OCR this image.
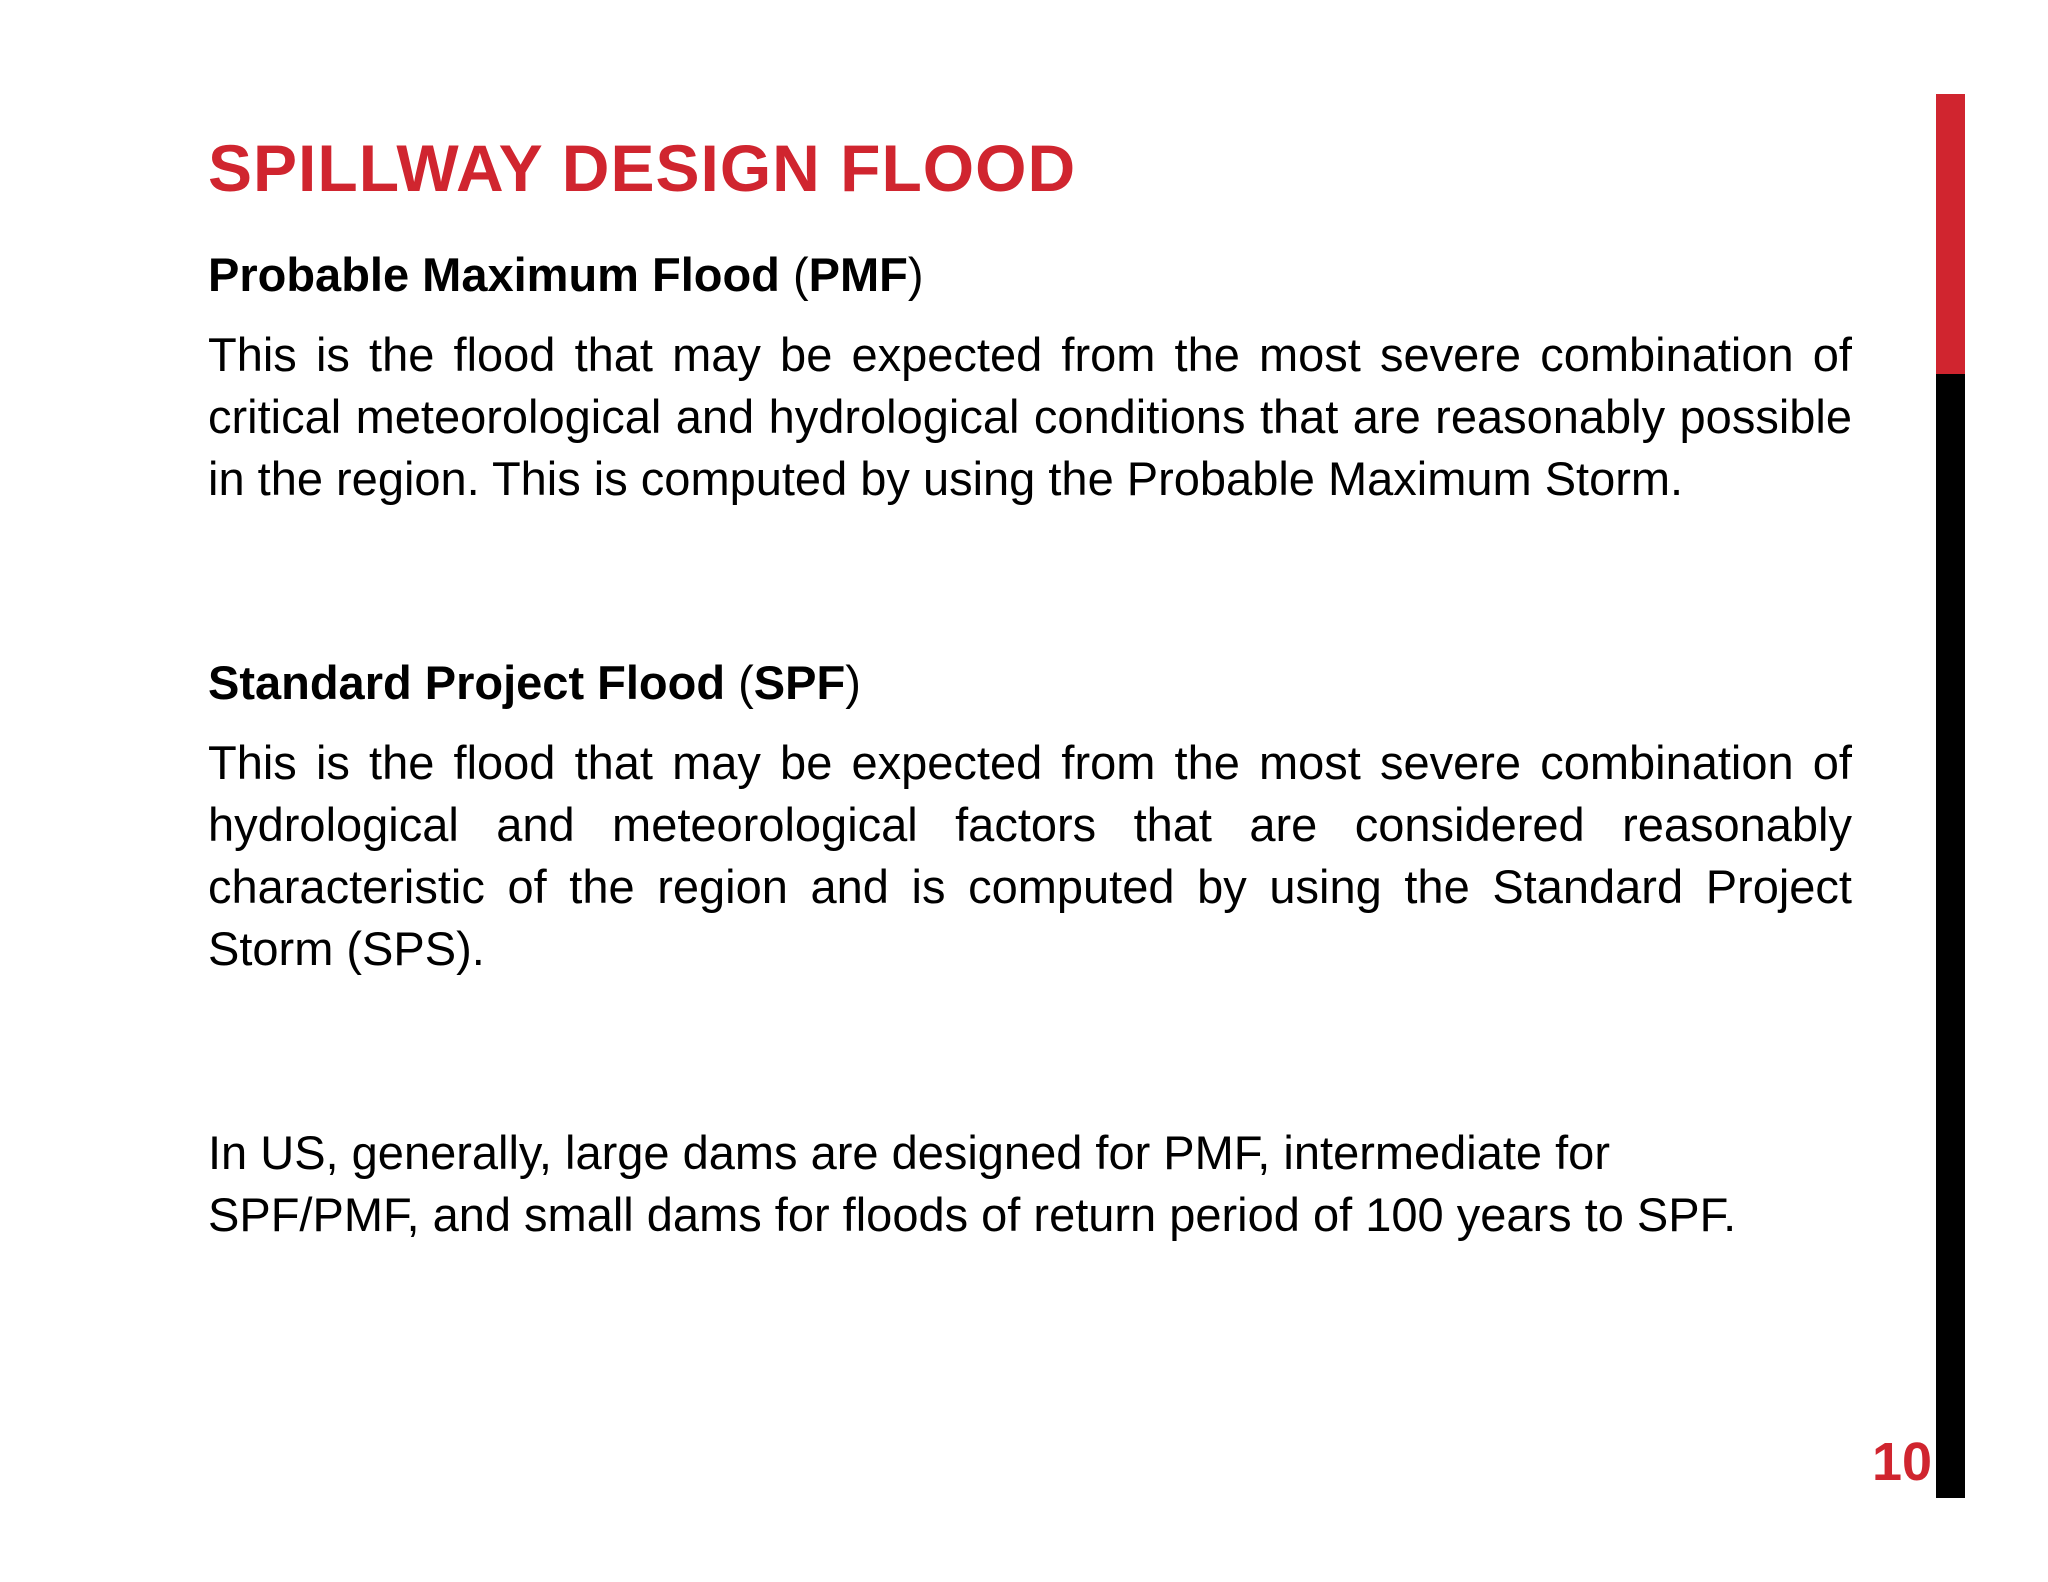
SPILLWAY DESIGN FLOOD

Probable Maximum Flood (PMF)

This is the flood that may be expected from the most severe combination of critical meteorological and hydrological conditions that are reasonably possible in the region. This is computed by using the Probable Maximum Storm.

Standard Project Flood (SPF)

This is the flood that may be expected from the most severe combination of hydrological and meteorological factors that are considered reasonably characteristic of the region and is computed by using the Standard Project Storm (SPS).

In US, generally, large dams are designed for PMF, intermediate for SPF/PMF, and small dams for floods of return period of 100 years to SPF.

10
